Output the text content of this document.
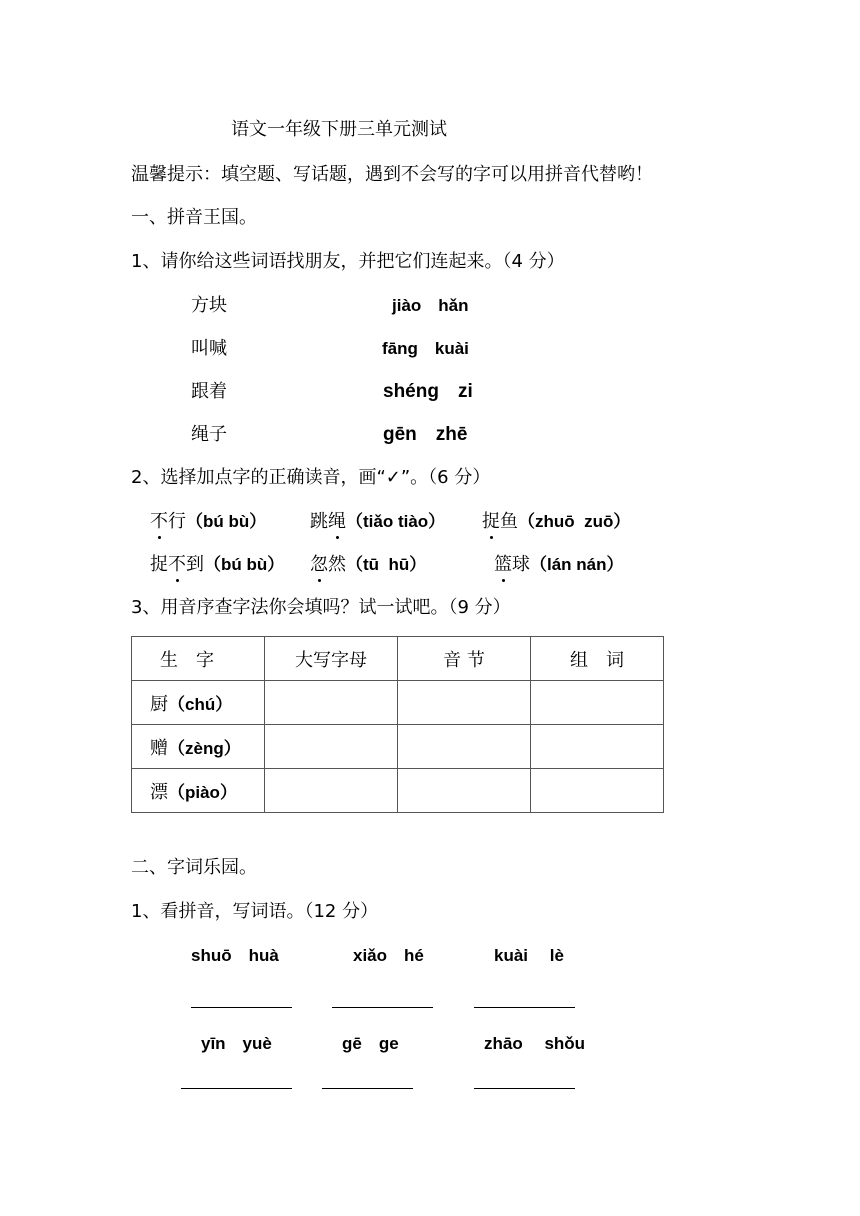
语文一年级下册三单元测试
温馨提示：填空题、写话题，遇到不会写的字可以用拼音代替哟！
一、拼音王国。
1、请你给这些词语找朋友，并把它们连起来。（4 分）
方块
叫喊
跟着
绳子
jiào　hǎn
fāng　kuài
shéng　zi
gēn　zhē
2、选择加点字的正确读音，画“✓”。（6 分）
不行（bú bù） 跳绳（tiǎo tiào） 捉鱼（zhuō  zuō）
捉不到（bú bù） 忽然（tū  hū）	篮球（lán nán）
3、用音序查字法你会填吗？试一试吧。（9 分）
生　字	大写字母	音 节	组　词
厨（chú）			
赠（zèng）			
漂（piào）			
二、字词乐园。
1、看拼音，写词语。（12 分）
shuō　huà	xiǎo　hé	kuài　 lè
yīn　yuè	gē　ge	zhāo　 shǒu
